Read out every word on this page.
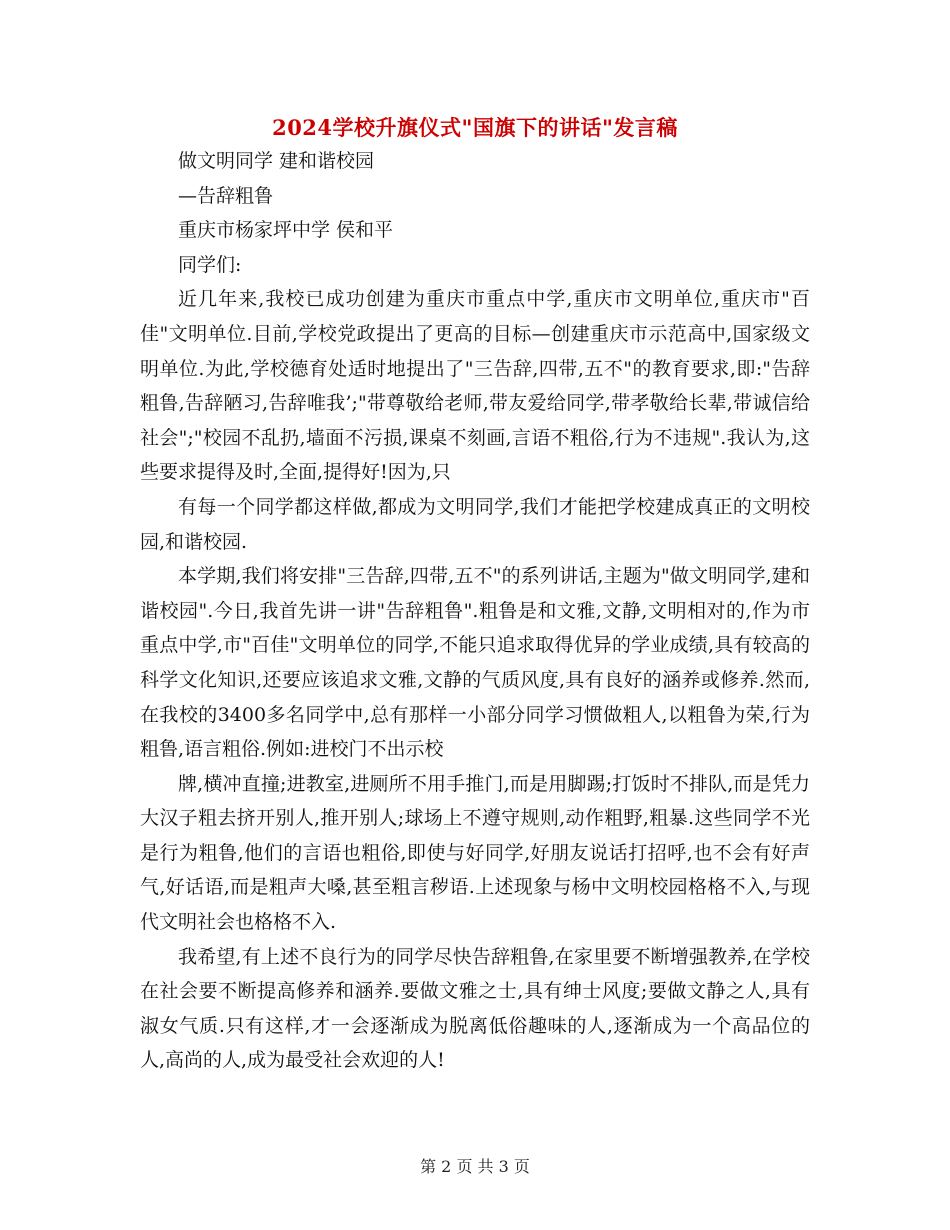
2024学校升旗仪式"国旗下的讲话"发言稿

做文明同学 建和谐校园

—告辞粗鲁

重庆市杨家坪中学 侯和平

同学们:

近几年来,我校已成功创建为重庆市重点中学,重庆市文明单位,重庆市"百佳"文明单位.目前,学校党政提出了更高的目标—创建重庆市示范高中,国家级文明单位.为此,学校德育处适时地提出了"三告辞,四带,五不"的教育要求,即:"告辞粗鲁,告辞陋习,告辞唯我’;"带尊敬给老师,带友爱给同学,带孝敬给长辈,带诚信给社会";"校园不乱扔,墙面不污损,课桌不刻画,言语不粗俗,行为不违规".我认为,这些要求提得及时,全面,提得好!因为,只

有每一个同学都这样做,都成为文明同学,我们才能把学校建成真正的文明校园,和谐校园.

本学期,我们将安排"三告辞,四带,五不"的系列讲话,主题为"做文明同学,建和谐校园".今日,我首先讲一讲"告辞粗鲁".粗鲁是和文雅,文静,文明相对的,作为市重点中学,市"百佳"文明单位的同学,不能只追求取得优异的学业成绩,具有较高的科学文化知识,还要应该追求文雅,文静的气质风度,具有良好的涵养或修养.然而,在我校的3400多名同学中,总有那样一小部分同学习惯做粗人,以粗鲁为荣,行为粗鲁,语言粗俗.例如:进校门不出示校

牌,横冲直撞;进教室,进厕所不用手推门,而是用脚踢;打饭时不排队,而是凭力大汉子粗去挤开别人,推开别人;球场上不遵守规则,动作粗野,粗暴.这些同学不光是行为粗鲁,他们的言语也粗俗,即使与好同学,好朋友说话打招呼,也不会有好声气,好话语,而是粗声大嗓,甚至粗言秽语.上述现象与杨中文明校园格格不入,与现代文明社会也格格不入.

我希望,有上述不良行为的同学尽快告辞粗鲁,在家里要不断增强教养,在学校在社会要不断提高修养和涵养.要做文雅之士,具有绅士风度;要做文静之人,具有淑女气质.只有这样,才一会逐渐成为脱离低俗趣味的人,逐渐成为一个高品位的人,高尚的人,成为最受社会欢迎的人!

第 2 页 共 3 页
